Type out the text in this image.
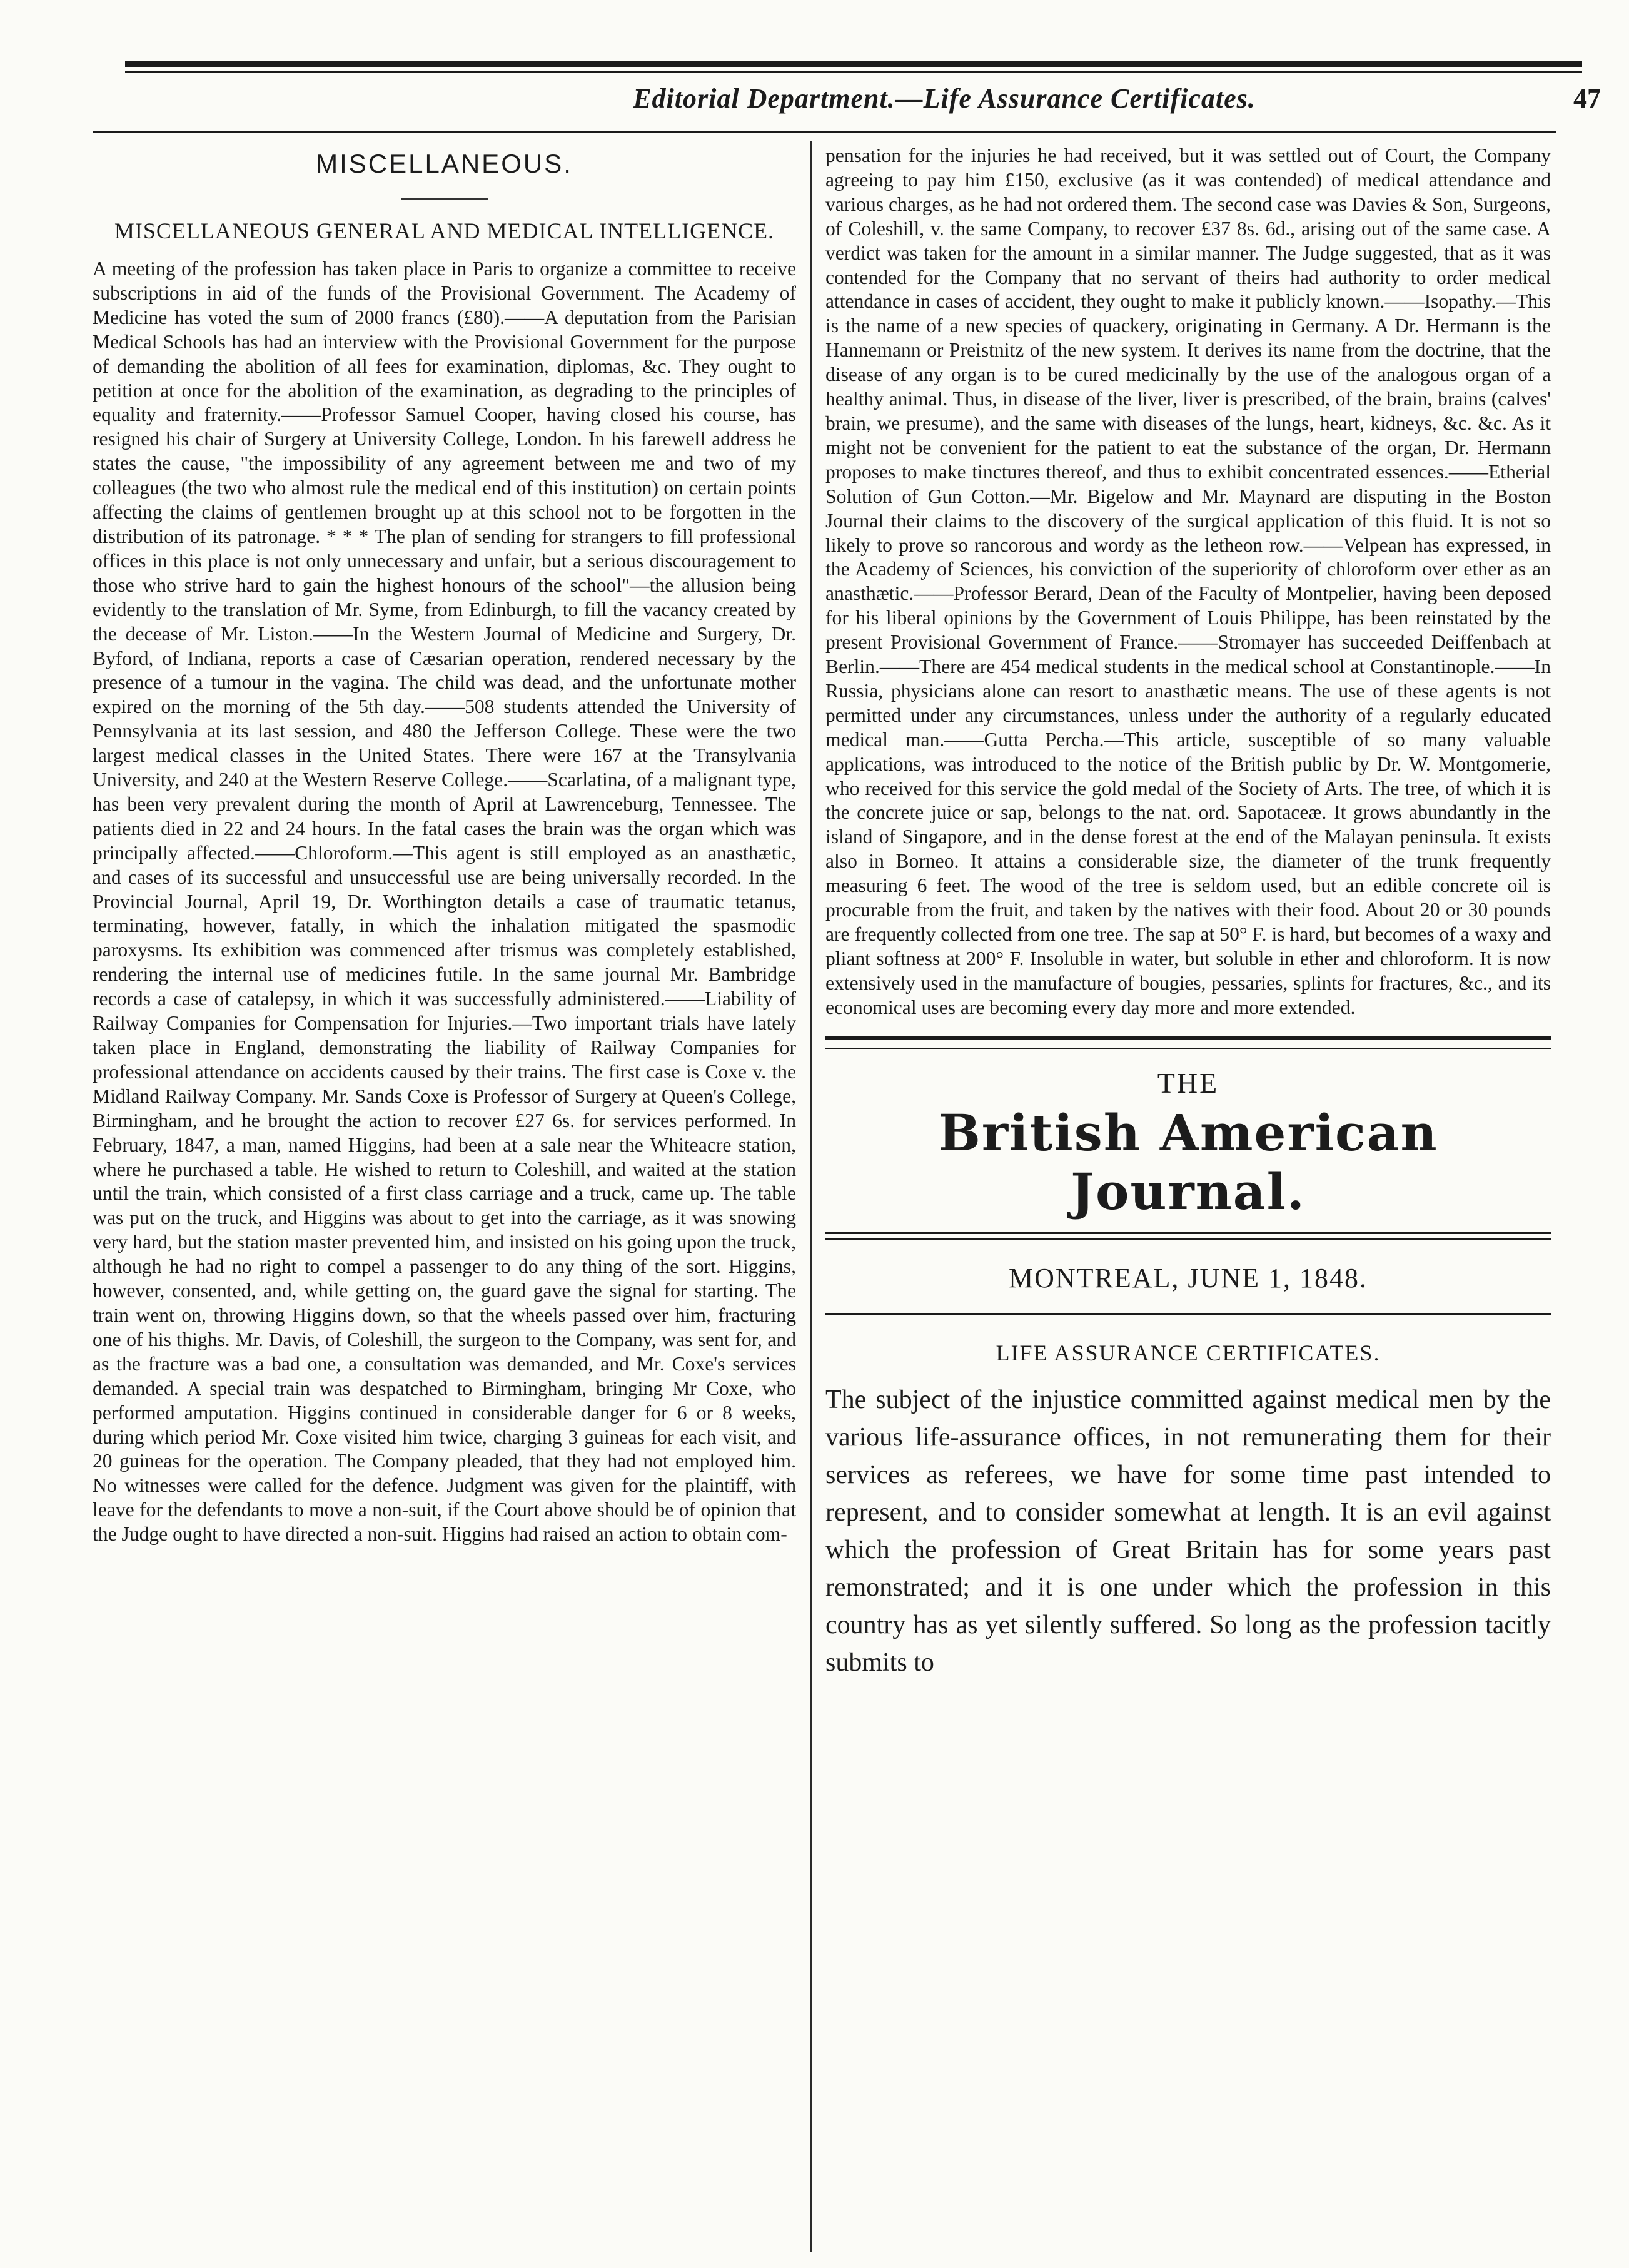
Editorial Department.—Life Assurance Certificates.	47
MISCELLANEOUS.
MISCELLANEOUS GENERAL AND MEDICAL INTELLIGENCE.

A meeting of the profession has taken place in Paris to organize a committee to receive subscriptions in aid of the funds of the Provisional Government. The Academy of Medicine has voted the sum of 2000 francs (£80).——A deputation from the Parisian Medical Schools has had an interview with the Provisional Government for the purpose of demanding the abolition of all fees for examination, diplomas, &c. They ought to petition at once for the abolition of the examination, as degrading to the principles of equality and fraternity.——Professor Samuel Cooper, having closed his course, has resigned his chair of Surgery at University College, London. In his farewell address he states the cause, "the impossibility of any agreement between me and two of my colleagues (the two who almost rule the medical end of this institution) on certain points affecting the claims of gentlemen brought up at this school not to be forgotten in the distribution of its patronage. * * * The plan of sending for strangers to fill professional offices in this place is not only unnecessary and unfair, but a serious discouragement to those who strive hard to gain the highest honours of the school"—the allusion being evidently to the translation of Mr. Syme, from Edinburgh, to fill the vacancy created by the decease of Mr. Liston.——In the Western Journal of Medicine and Surgery, Dr. Byford, of Indiana, reports a case of Cæsarian operation, rendered necessary by the presence of a tumour in the vagina. The child was dead, and the unfortunate mother expired on the morning of the 5th day.——508 students attended the University of Pennsylvania at its last session, and 480 the Jefferson College. These were the two largest medical classes in the United States. There were 167 at the Transylvania University, and 240 at the Western Reserve College.——Scarlatina, of a malignant type, has been very prevalent during the month of April at Lawrenceburg, Tennessee. The patients died in 22 and 24 hours. In the fatal cases the brain was the organ which was principally affected.——Chloroform.—This agent is still employed as an anasthætic, and cases of its successful and unsuccessful use are being universally recorded. In the Provincial Journal, April 19, Dr. Worthington details a case of traumatic tetanus, terminating, however, fatally, in which the inhalation mitigated the spasmodic paroxysms. Its exhibition was commenced after trismus was completely established, rendering the internal use of medicines futile. In the same journal Mr. Bambridge records a case of catalepsy, in which it was successfully administered.——Liability of Railway Companies for Compensation for Injuries.—Two important trials have lately taken place in England, demonstrating the liability of Railway Companies for professional attendance on accidents caused by their trains. The first case is Coxe v. the Midland Railway Company. Mr. Sands Coxe is Professor of Surgery at Queen's College, Birmingham, and he brought the action to recover £27 6s. for services performed. In February, 1847, a man, named Higgins, had been at a sale near the Whiteacre station, where he purchased a table. He wished to return to Coleshill, and waited at the station until the train, which consisted of a first class carriage and a truck, came up. The table was put on the truck, and Higgins was about to get into the carriage, as it was snowing very hard, but the station master prevented him, and insisted on his going upon the truck, although he had no right to compel a passenger to do any thing of the sort. Higgins, however, consented, and, while getting on, the guard gave the signal for starting. The train went on, throwing Higgins down, so that the wheels passed over him, fracturing one of his thighs. Mr. Davis, of Coleshill, the surgeon to the Company, was sent for, and as the fracture was a bad one, a consultation was demanded, and Mr. Coxe's services demanded. A special train was despatched to Birmingham, bringing Mr Coxe, who performed amputation. Higgins continued in considerable danger for 6 or 8 weeks, during which period Mr. Coxe visited him twice, charging 3 guineas for each visit, and 20 guineas for the operation. The Company pleaded, that they had not employed him. No witnesses were called for the defence. Judgment was given for the plaintiff, with leave for the defendants to move a non-suit, if the Court above should be of opinion that the Judge ought to have directed a non-suit. Higgins had raised an action to obtain com-

pensation for the injuries he had received, but it was settled out of Court, the Company agreeing to pay him £150, exclusive (as it was contended) of medical attendance and various charges, as he had not ordered them. The second case was Davies & Son, Surgeons, of Coleshill, v. the same Company, to recover £37 8s. 6d., arising out of the same case. A verdict was taken for the amount in a similar manner. The Judge suggested, that as it was contended for the Company that no servant of theirs had authority to order medical attendance in cases of accident, they ought to make it publicly known.——Isopathy.—This is the name of a new species of quackery, originating in Germany. A Dr. Hermann is the Hannemann or Preistnitz of the new system. It derives its name from the doctrine, that the disease of any organ is to be cured medicinally by the use of the analogous organ of a healthy animal. Thus, in disease of the liver, liver is prescribed, of the brain, brains (calves' brain, we presume), and the same with diseases of the lungs, heart, kidneys, &c. &c. As it might not be convenient for the patient to eat the substance of the organ, Dr. Hermann proposes to make tinctures thereof, and thus to exhibit concentrated essences.——Etherial Solution of Gun Cotton.—Mr. Bigelow and Mr. Maynard are disputing in the Boston Journal their claims to the discovery of the surgical application of this fluid. It is not so likely to prove so rancorous and wordy as the letheon row.——Velpean has expressed, in the Academy of Sciences, his conviction of the superiority of chloroform over ether as an anasthætic.——Professor Berard, Dean of the Faculty of Montpelier, having been deposed for his liberal opinions by the Government of Louis Philippe, has been reinstated by the present Provisional Government of France.——Stromayer has succeeded Deiffenbach at Berlin.——There are 454 medical students in the medical school at Constantinople.——In Russia, physicians alone can resort to anasthætic means. The use of these agents is not permitted under any circumstances, unless under the authority of a regularly educated medical man.——Gutta Percha.—This article, susceptible of so many valuable applications, was introduced to the notice of the British public by Dr. W. Montgomerie, who received for this service the gold medal of the Society of Arts. The tree, of which it is the concrete juice or sap, belongs to the nat. ord. Sapotaceæ. It grows abundantly in the island of Singapore, and in the dense forest at the end of the Malayan peninsula. It exists also in Borneo. It attains a considerable size, the diameter of the trunk frequently measuring 6 feet. The wood of the tree is seldom used, but an edible concrete oil is procurable from the fruit, and taken by the natives with their food. About 20 or 30 pounds are frequently collected from one tree. The sap at 50° F. is hard, but becomes of a waxy and pliant softness at 200° F. Insoluble in water, but soluble in ether and chloroform. It is now extensively used in the manufacture of bougies, pessaries, splints for fractures, &c., and its economical uses are becoming every day more and more extended.

THE
British American Journal.
MONTREAL, JUNE 1, 1848.
LIFE ASSURANCE CERTIFICATES.

The subject of the injustice committed against medical men by the various life-assurance offices, in not remunerating them for their services as referees, we have for some time past intended to represent, and to consider somewhat at length. It is an evil against which the profession of Great Britain has for some years past remonstrated; and it is one under which the profession in this country has as yet silently suffered. So long as the profession tacitly submits to
